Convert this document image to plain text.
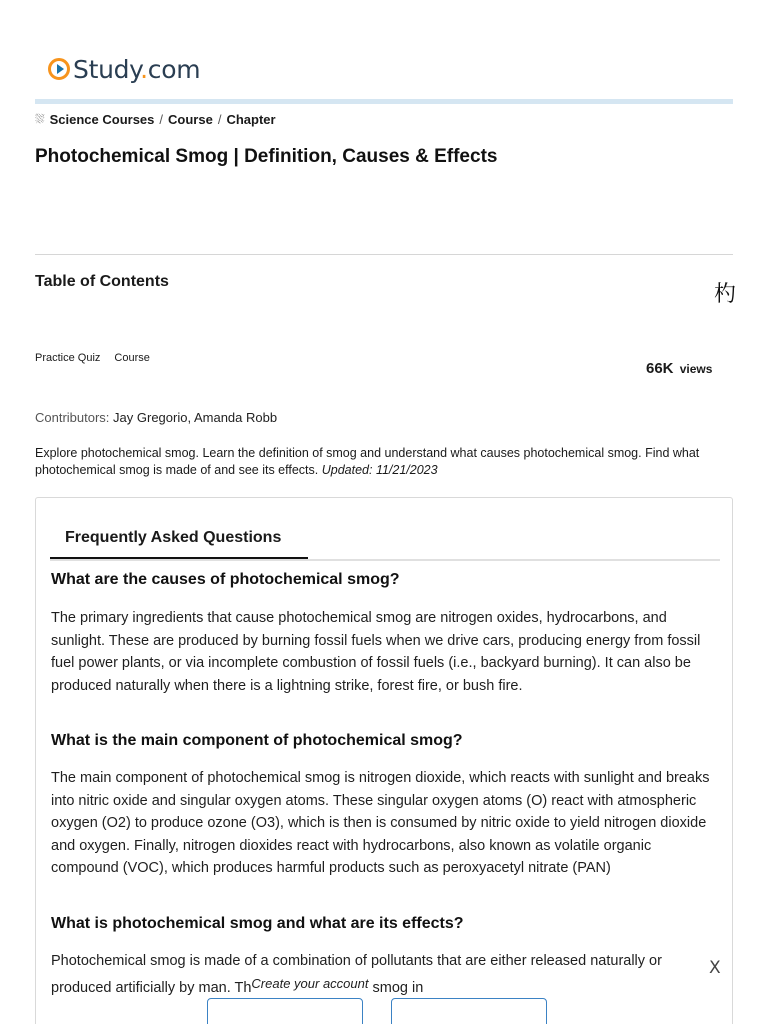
Study.com
⛆ Science Courses / Course / Chapter
Photochemical Smog | Definition, Causes & Effects
Table of Contents
杓
Practice Quiz Course
66K views
Contributors: Jay Gregorio, Amanda Robb

Explore photochemical smog. Learn the definition of smog and understand what causes photochemical smog. Find what photochemical smog is made of and see its effects. Updated: 11/21/2023

Frequently Asked Questions
What are the causes of photochemical smog?

The primary ingredients that cause photochemical smog are nitrogen oxides, hydrocarbons, and sunlight. These are produced by burning fossil fuels when we drive cars, producing energy from fossil fuel power plants, or via incomplete combustion of fossil fuels (i.e., backyard burning). It can also be produced naturally when there is a lightning strike, forest fire, or bush fire.

What is the main component of photochemical smog?

The main component of photochemical smog is nitrogen dioxide, which reacts with sunlight and breaks into nitric oxide and singular oxygen atoms. These singular oxygen atoms (O) react with atmospheric oxygen (O2) to produce ozone (O3), which is then is consumed by nitric oxide to yield nitrogen dioxide and oxygen. Finally, nitrogen dioxides react with hydrocarbons, also known as volatile organic compound (VOC), which produces harmful products such as peroxyacetyl nitrate (PAN)

What is photochemical smog and what are its effects?

Photochemical smog is made of a combination of pollutants that are either released naturally or produced artificially by man. ThCreate your account smog in

X
